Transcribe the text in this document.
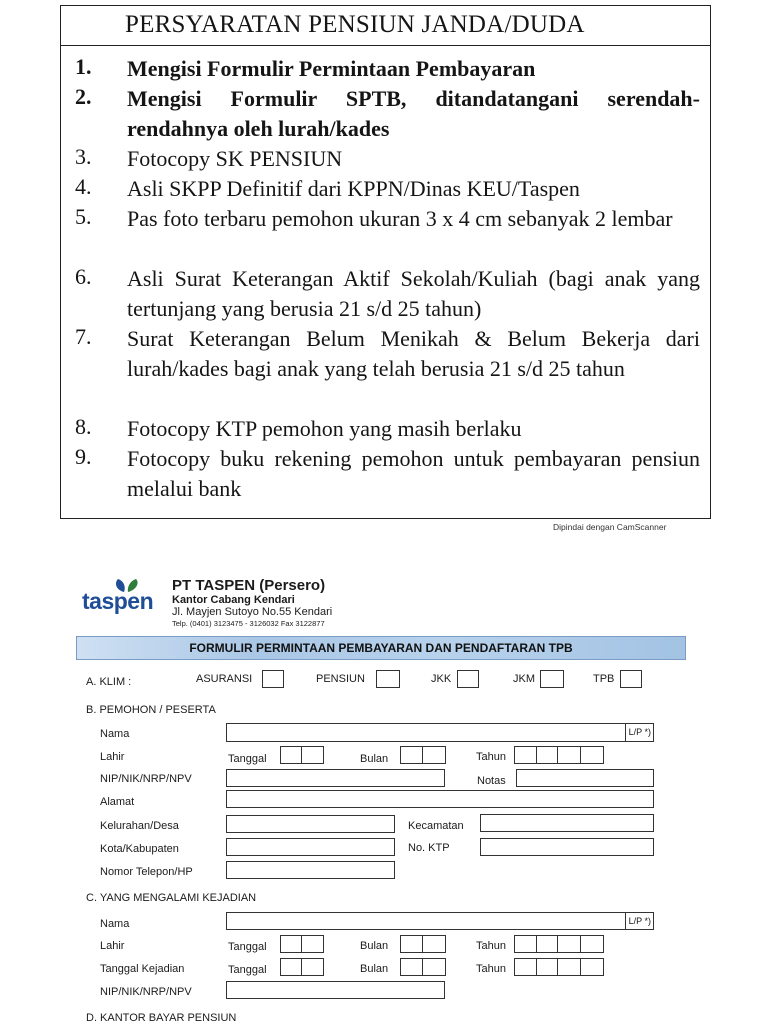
PERSYARATAN PENSIUN JANDA/DUDA
1. Mengisi Formulir Permintaan Pembayaran
2. Mengisi Formulir SPTB, ditandatangani serendah-rendahnya oleh lurah/kades
3. Fotocopy SK PENSIUN
4. Asli SKPP Definitif dari KPPN/Dinas KEU/Taspen
5. Pas foto terbaru pemohon ukuran 3 x 4 cm sebanyak 2 lembar
6. Asli Surat Keterangan Aktif Sekolah/Kuliah (bagi anak yang tertunjang yang berusia 21 s/d 25 tahun)
7. Surat Keterangan Belum Menikah & Belum Bekerja dari lurah/kades bagi anak yang telah berusia 21 s/d 25 tahun
8. Fotocopy KTP pemohon yang masih berlaku
9. Fotocopy buku rekening pemohon untuk pembayaran pensiun melalui bank
Dipindai dengan CamScanner
taspen
PT TASPEN (Persero)
Kantor Cabang Kendari
Jl. Mayjen Sutoyo No.55 Kendari
Telp. (0401) 3123475 - 3126032 Fax 3122877
FORMULIR PERMINTAAN PEMBAYARAN DAN PENDAFTARAN TPB
A. KLIM :	ASURANSI	PENSIUN	JKK	JKM	TPB
B. PEMOHON / PESERTA
Nama	L/P *)
Lahir	Tanggal	Bulan	Tahun
NIP/NIK/NRP/NPV	Notas
Alamat
Kelurahan/Desa	Kecamatan
Kota/Kabupaten	No. KTP
Nomor Telepon/HP
C. YANG MENGALAMI KEJADIAN
Nama	L/P *)
Lahir	Tanggal	Bulan	Tahun
Tanggal Kejadian	Tanggal	Bulan	Tahun
NIP/NIK/NRP/NPV
D. KANTOR BAYAR PENSIUN
